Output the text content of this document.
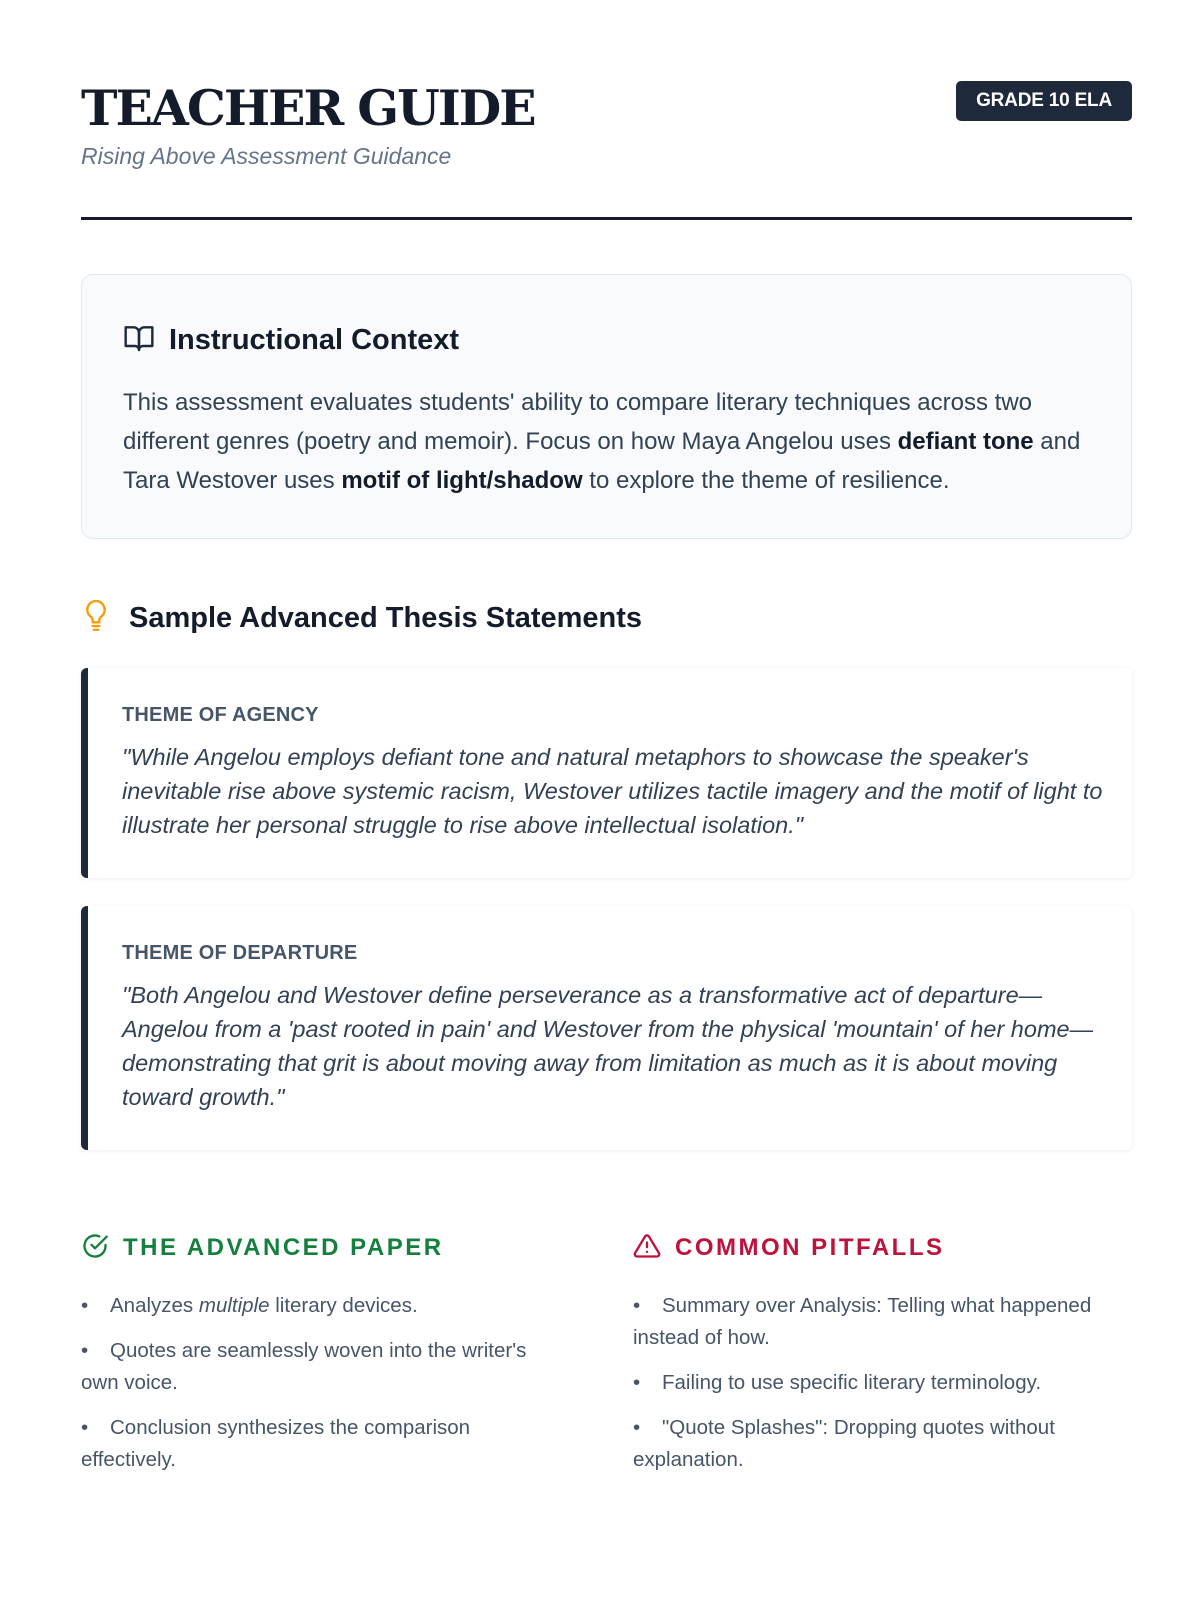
TEACHER GUIDE
Rising Above Assessment Guidance
GRADE 10 ELA
Instructional Context

This assessment evaluates students' ability to compare literary techniques across two different genres (poetry and memoir). Focus on how Maya Angelou uses defiant tone and Tara Westover uses motif of light/shadow to explore the theme of resilience.

Sample Advanced Thesis Statements
THEME OF AGENCY
"While Angelou employs defiant tone and natural metaphors to showcase the speaker's inevitable rise above systemic racism, Westover utilizes tactile imagery and the motif of light to illustrate her personal struggle to rise above intellectual isolation."
THEME OF DEPARTURE
"Both Angelou and Westover define perseverance as a transformative act of departure—Angelou from a 'past rooted in pain' and Westover from the physical 'mountain' of her home—demonstrating that grit is about moving away from limitation as much as it is about moving toward growth."
THE ADVANCED PAPER
• Analyzes multiple literary devices.
• Quotes are seamlessly woven into the writer's own voice.
• Conclusion synthesizes the comparison effectively.
COMMON PITFALLS
• Summary over Analysis: Telling what happened instead of how.
• Failing to use specific literary terminology.
• "Quote Splashes": Dropping quotes without explanation.
